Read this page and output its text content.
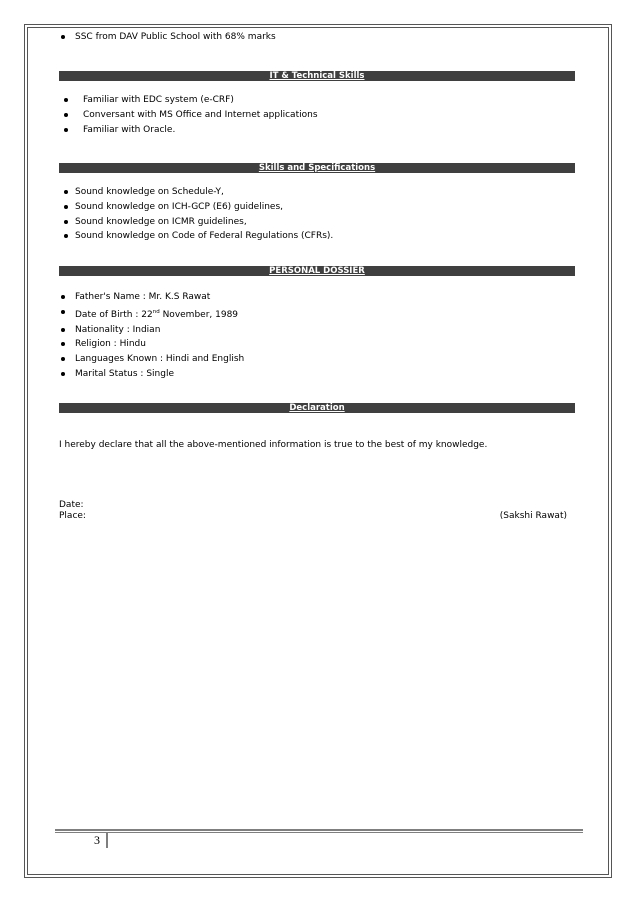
SSC from DAV Public School with 68% marks
IT & Technical Skills
Familiar with EDC system (e-CRF)
Conversant with MS Office and Internet applications
Familiar with Oracle.
Skills and Specifications
Sound knowledge on Schedule-Y,
Sound knowledge on ICH-GCP (E6) guidelines,
Sound knowledge on ICMR guidelines,
Sound knowledge on Code of Federal Regulations (CFRs).
PERSONAL DOSSIER
Father's Name : Mr. K.S Rawat
Date of Birth : 22nd November, 1989
Nationality : Indian
Religion : Hindu
Languages Known : Hindi and English
Marital Status : Single
Declaration
I hereby declare that all the above-mentioned information is true to the best of my knowledge.
Date:
Place:	(Sakshi Rawat)
3
